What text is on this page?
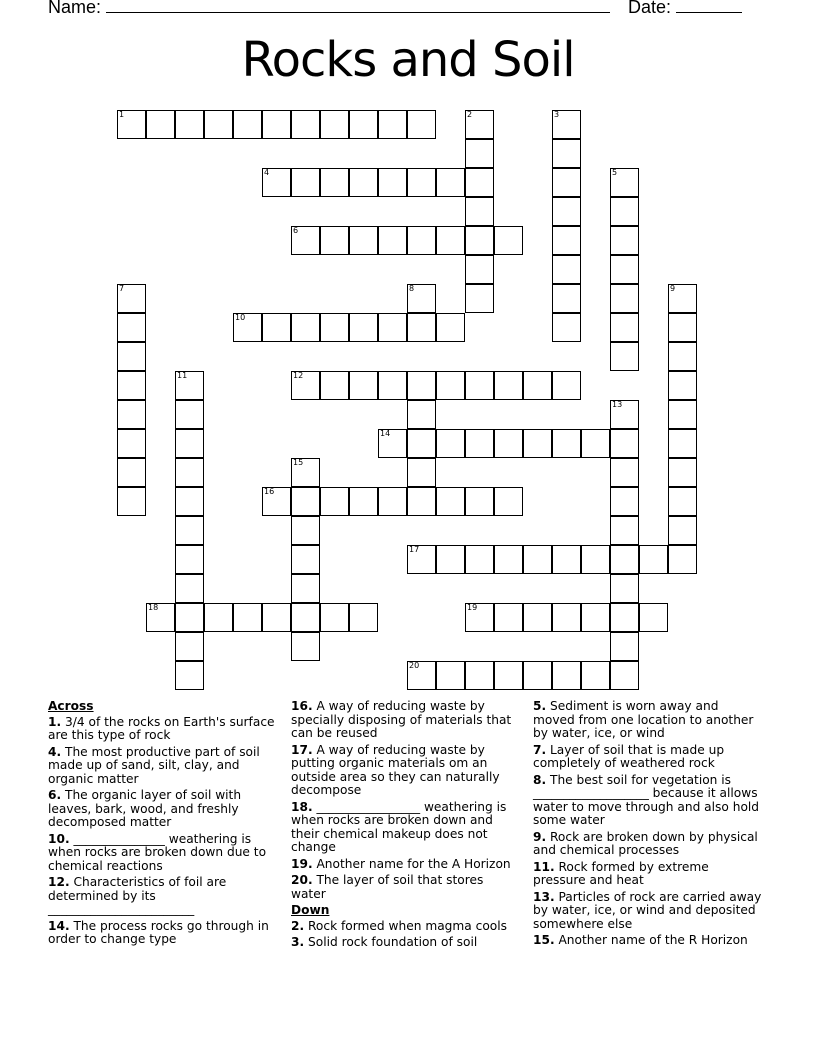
Name:	Date:
Rocks and Soil
1	2	3
4	5
6
7	8	9
10
11	12
13
14
15
16
17
18	19
20
Across
1. 3/4 of the rocks on Earth's surface are this type of rock
4. The most productive part of soil made up of sand, silt, clay, and organic matter
6. The organic layer of soil with leaves, bark, wood, and freshly decomposed matter
10. _______________ weathering is when rocks are broken down due to chemical reactions
12. Characteristics of foil are determined by its
________________________
14. The process rocks go through in order to change type
16. A way of reducing waste by specially disposing of materials that can be reused
17. A way of reducing waste by putting organic materials om an outside area so they can naturally decompose
18. _________________ weathering is when rocks are broken down and their chemical makeup does not change
19. Another name for the A Horizon
20. The layer of soil that stores water
Down
2. Rock formed when magma cools
3. Solid rock foundation of soil
5. Sediment is worn away and moved from one location to another by water, ice, or wind
7. Layer of soil that is made up completely of weathered rock
8. The best soil for vegetation is ___________________ because it allows water to move through and also hold some water
9. Rock are broken down by physical and chemical processes
11. Rock formed by extreme pressure and heat
13. Particles of rock are carried away by water, ice, or wind and deposited somewhere else
15. Another name of the R Horizon
